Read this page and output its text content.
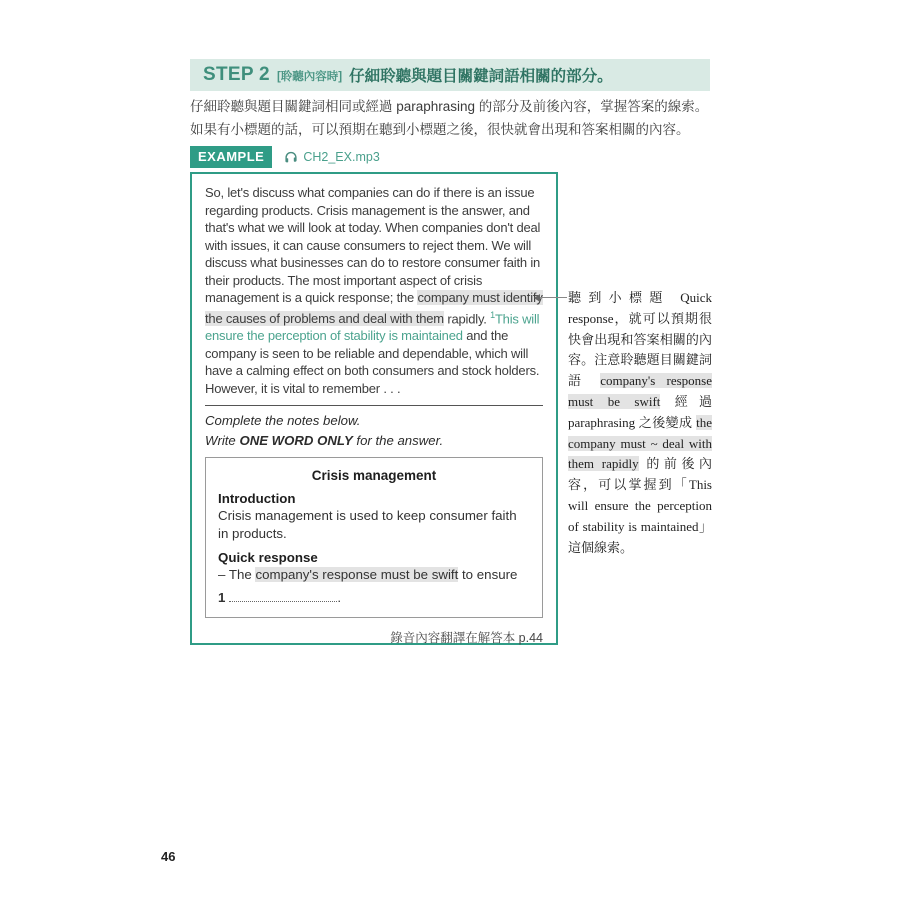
STEP 2 [聆聽內容時] 仔細聆聽與題目關鍵詞語相關的部分。

仔細聆聽與題目關鍵詞相同或經過 paraphrasing 的部分及前後內容，掌握答案的線索。如果有小標題的話，可以預期在聽到小標題之後，很快就會出現和答案相關的內容。

EXAMPLE	CH2_EX.mp3

So, let's discuss what companies can do if there is an issue regarding products. Crisis management is the answer, and that's what we will look at today. When companies don't deal with issues, it can cause consumers to reject them. We will discuss what businesses can do to restore consumer faith in their products. The most important aspect of crisis management is a quick response; the company must identify the causes of problems and deal with them rapidly. $^1$This will ensure the perception of stability is maintained and the company is seen to be reliable and dependable, which will have a calming effect on both consumers and stock holders. However, it is vital to remember . . .

Complete the notes below.

Write ONE WORD ONLY for the answer.

Crisis management
Introduction

Crisis management is used to keep consumer faith in products.

Quick response

– The company's response must be swift to ensure

1	.
錄音內容翻譯在解答本 p.44
聽到小標題 Quick response，就可以預期很快會出現和答案相關的內容。注意聆聽題目關鍵詞語 company's response must be swift 經過 paraphrasing 之後變成 the company must ~ deal with them rapidly 的前後內容，可以掌握到「This will ensure the perception of stability is maintained」這個線索。
46
